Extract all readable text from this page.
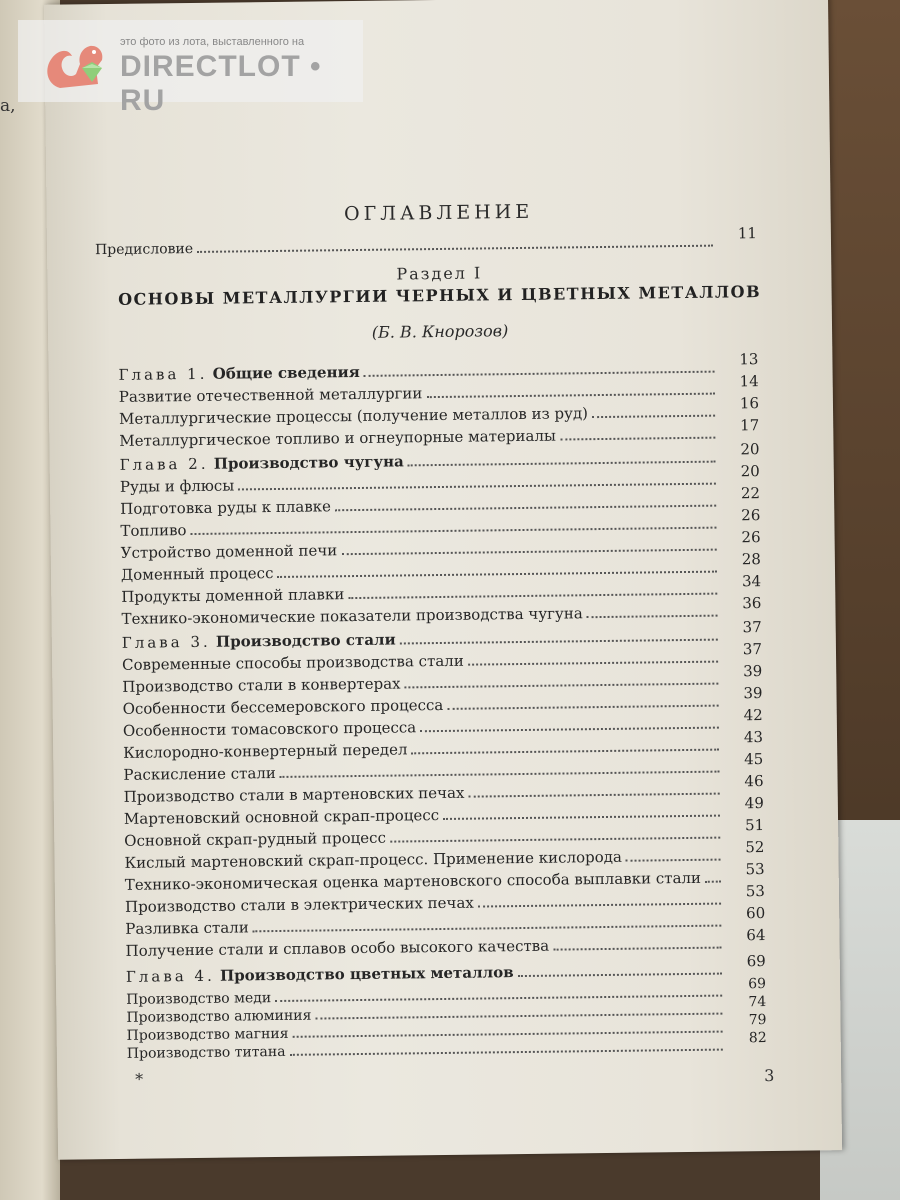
а,
это фото из лота, выставленного на
DIRECTLOT • RU
ОГЛАВЛЕНИЕ
Предисловие
11
Раздел I
ОСНОВЫ МЕТАЛЛУРГИИ ЧЕРНЫХ И ЦВЕТНЫХ МЕТАЛЛОВ
(Б. В. Кнорозов)
Глава 1. Общие сведения
13
Развитие отечественной металлургии
14
Металлургические процессы (получение металлов из руд)
16
Металлургическое топливо и огнеупорные материалы
17
Глава 2. Производство чугуна
20
Руды и флюсы
20
Подготовка руды к плавке
22
Топливо
26
Устройство доменной печи
26
Доменный процесс
28
Продукты доменной плавки
34
Технико-экономические показатели производства чугуна
36
Глава 3. Производство стали
37
Современные способы производства стали
37
Производство стали в конвертерах
39
Особенности бессемеровского процесса
39
Особенности томасовского процесса
42
Кислородно-конвертерный передел
43
Раскисление стали
45
Производство стали в мартеновских печах
46
Мартеновский основной скрап-процесс
49
Основной скрап-рудный процесс
51
Кислый мартеновский скрап-процесс. Применение кислорода
52
Технико-экономическая оценка мартеновского способа выплавки стали	53
Производство стали в электрических печах
53
Разливка стали
60
Получение стали и сплавов особо высокого качества
64
Глава 4. Производство цветных металлов
69
Производство меди
69
Производство алюминия
74
Производство магния
79
Производство титана
82
*	3
